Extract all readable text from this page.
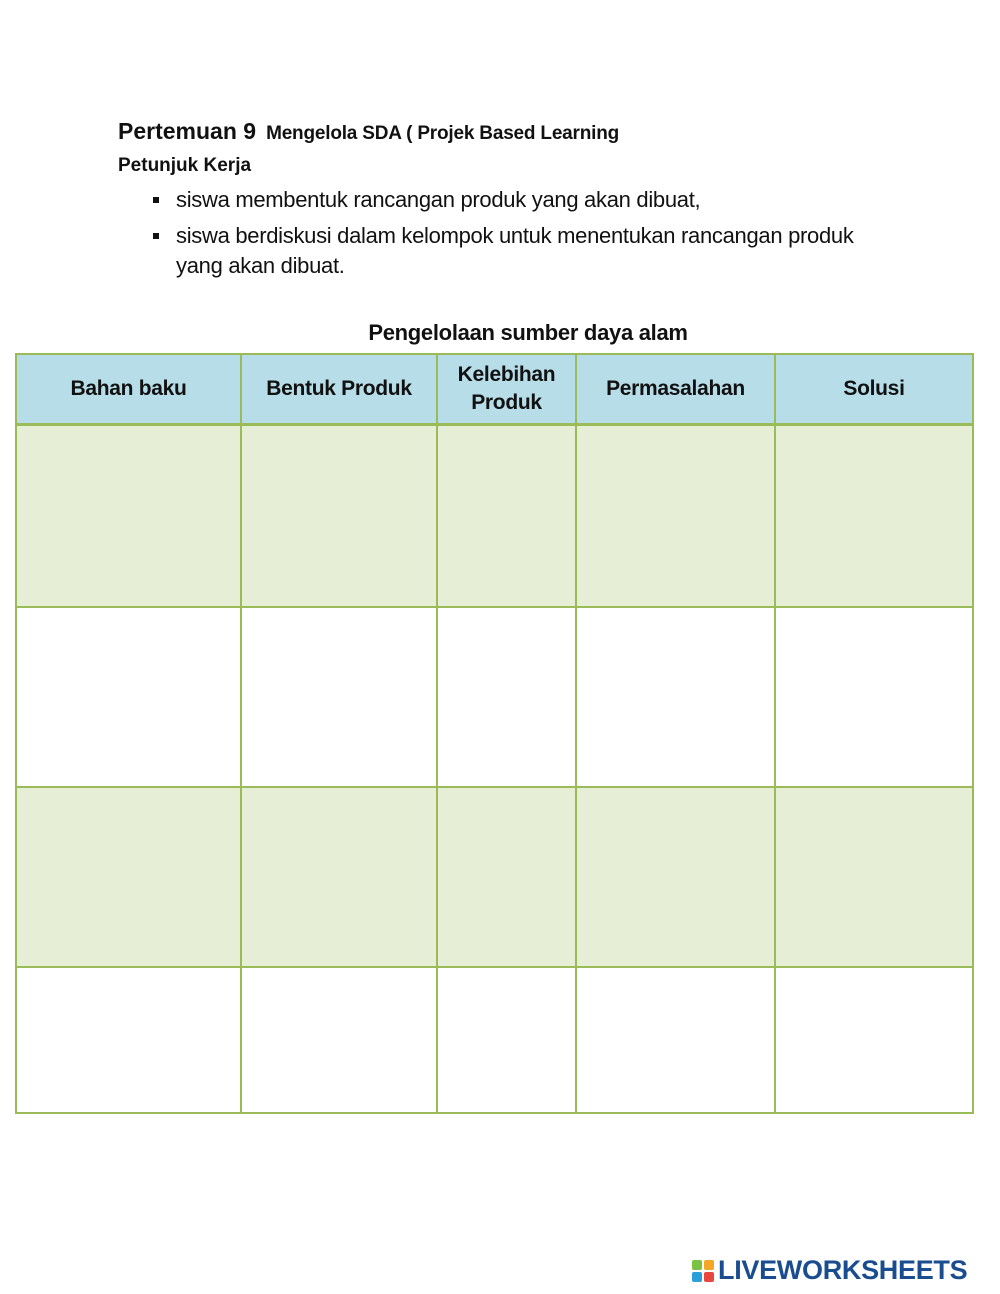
Pertemuan 9 Mengelola SDA ( Projek Based Learning
Petunjuk Kerja
siswa membentuk rancangan produk yang akan dibuat,
siswa berdiskusi dalam kelompok untuk menentukan rancangan produk yang akan dibuat.
Pengelolaan sumber daya alam
Bahan baku	Bentuk Produk	Kelebihan Produk	Permasalahan	Solusi

LIVEWORKSHEETS
